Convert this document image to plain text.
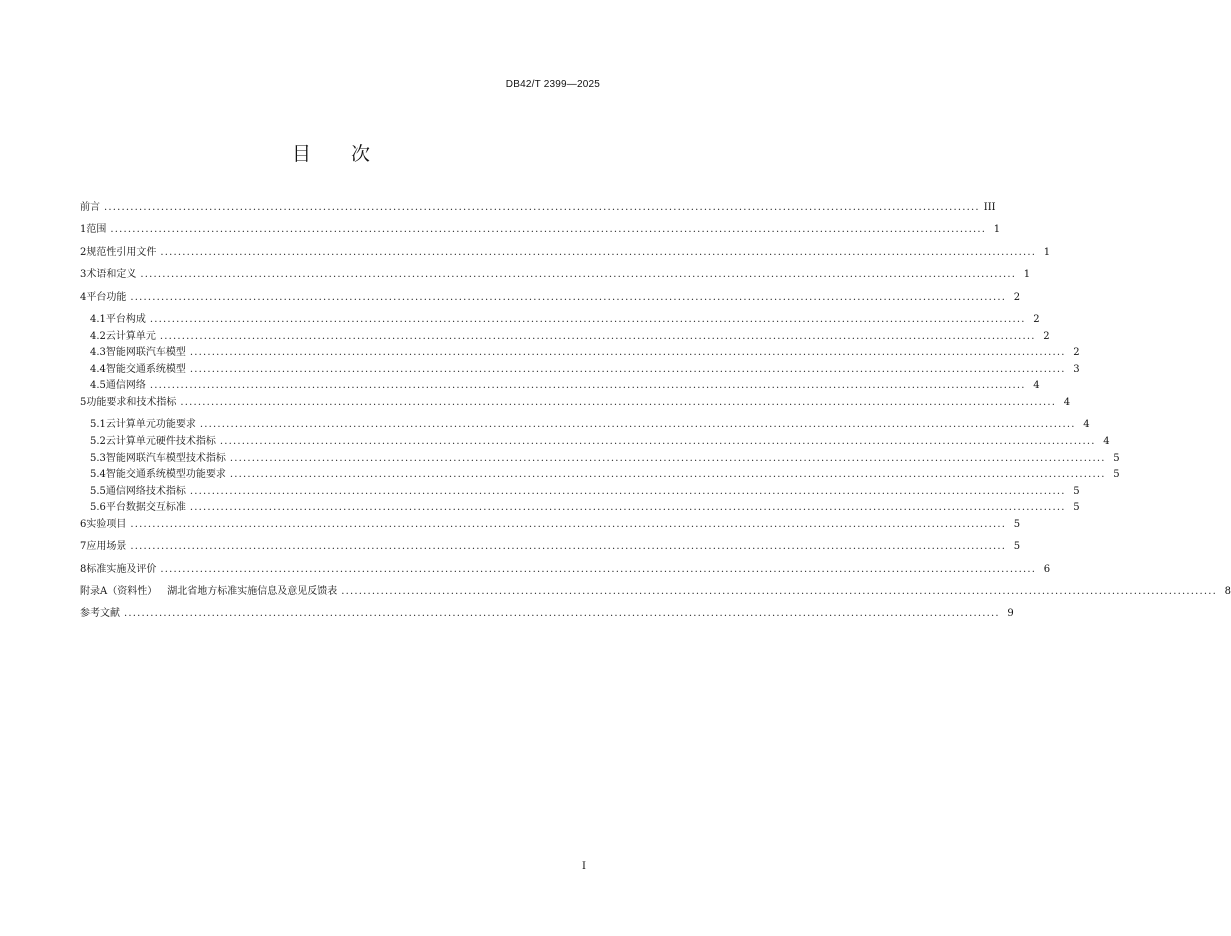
DB42/T 2399—2025
目 次
前言 ........................................................................................................................................................................................................ III
1 范围 ........................................................................................................................................................................................................ 1
2 规范性引用文件 ........................................................................................................................................................................................................ 1
3 术语和定义 ........................................................................................................................................................................................................ 1
4 平台功能 ........................................................................................................................................................................................................ 2
4.1 平台构成 ........................................................................................................................................................................................................ 2
4.2 云计算单元 ........................................................................................................................................................................................................ 2
4.3 智能网联汽车模型 ........................................................................................................................................................................................................ 2
4.4 智能交通系统模型 ........................................................................................................................................................................................................ 3
4.5 通信网络 ........................................................................................................................................................................................................ 4
5 功能要求和技术指标 ........................................................................................................................................................................................................ 4
5.1 云计算单元功能要求 ........................................................................................................................................................................................................ 4
5.2 云计算单元硬件技术指标 ........................................................................................................................................................................................................ 4
5.3 智能网联汽车模型技术指标 ........................................................................................................................................................................................................ 5
5.4 智能交通系统模型功能要求 ........................................................................................................................................................................................................ 5
5.5 通信网络技术指标 ........................................................................................................................................................................................................ 5
5.6 平台数据交互标准 ........................................................................................................................................................................................................ 5
6 实验项目 ........................................................................................................................................................................................................ 5
7 应用场景 ........................................................................................................................................................................................................ 5
8 标准实施及评价 ........................................................................................................................................................................................................ 6
附录A（资料性） 湖北省地方标准实施信息及意见反馈表 ........................................................................................................................................................................................................ 8
参考文献 ........................................................................................................................................................................................................ 9
I
